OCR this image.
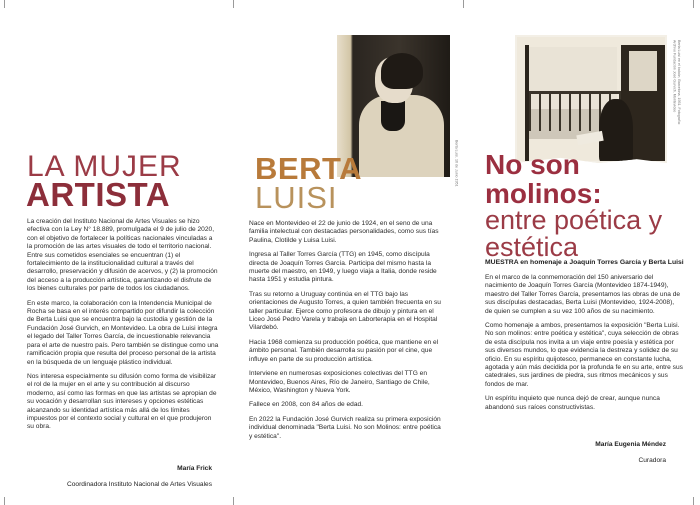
LA MUJER
ARTISTA

La creación del Instituto Nacional de Artes Visuales se hizo efectiva con la Ley N° 18.889, promulgada el 9 de julio de 2020, con el objetivo de fortalecer la políticas nacionales vinculadas a la promoción de las artes visuales de todo el territorio nacional. Entre sus cometidos esenciales se encuentran (1) el fortalecimiento de la institucionalidad cultural a través del desarrollo, preservación y difusión de acervos, y (2) la promoción del acceso a la producción artística, garantizando el disfrute de los bienes culturales por parte de todos los ciudadanos.

En este marco, la colaboración con la Intendencia Municipal de Rocha se basa en el interés compartido por difundir la colección de Berta Luisi que se encuentra bajo la custodia y gestión de la Fundación José Gurvich, en Montevideo. La obra de Luisi integra el legado del Taller Torres García, de incuestionable relevancia para el arte de nuestro país. Pero también se distingue como una ramificación propia que resulta del proceso personal de la artista en la búsqueda de un lenguaje plástico individual.

Nos interesa especialmente su difusión como forma de visibilizar el rol de la mujer en el arte y su contribución al discurso moderno, así como las formas en que las artistas se apropian de su vocación y desarrollan sus intereses y opciones estéticas alcanzando su identidad artística más allá de los límites impuestos por el contexto social y cultural en el que produjeron su obra.

María Frick
Coordinadora Instituto Nacional de Artes Visuales
Berta Luisi, 16 de Junio 1951
BERTA
LUISI

Nace en Montevideo el 22 de junio de 1924, en el seno de una familia intelectual con destacadas personalidades, como sus tías Paulina, Clotilde y Luisa Luisi.

Ingresa al Taller Torres García (TTG) en 1945, como discípula directa de Joaquín Torres García. Participa del mismo hasta la muerte del maestro, en 1949, y luego viaja a Italia, donde reside hasta 1951 y estudia pintura.

Tras su retorno a Uruguay continúa en el TTG bajo las orientaciones de Augusto Torres, a quien también frecuenta en su taller particular. Ejerce como profesora de dibujo y pintura en el Liceo José Pedro Varela y trabaja en Laborterapia en el Hospital Vilardebó.

Hacia 1968 comienza su producción poética, que mantiene en el ámbito personal. También desarrolla su pasión por el cine, que influye en parte de su producción artística.

Interviene en numerosas exposiciones colectivas del TTG en Montevideo, Buenos Aires, Río de Janeiro, Santiago de Chile, México, Washington y Nueva York.

Fallece en 2008, con 84 años de edad.

En 2022 la Fundación José Gurvich realiza su primera exposición individual denominada "Berta Luisi. No son Molinos: entre poética y estética".

Berta Luisi en el balcón, Barcelona, 1951. Fotografía: Archivo Fundación José Gurvich, Montevideo
No son molinos:
entre poética y estética
MUESTRA en homenaje a Joaquín Torres García y Berta Luisi

En el marco de la conmemoración del 150 aniversario del nacimiento de Joaquín Torres García (Montevideo 1874-1949), maestro del Taller Torres García, presentamos las obras de una de sus discípulas destacadas, Berta Luisi (Montevideo, 1924-2008), de quien se cumplen a su vez 100 años de su nacimiento.

Como homenaje a ambos, presentamos la exposición "Berta Luisi. No son molinos: entre poética y estética", cuya selección de obras de esta discípula nos invita a un viaje entre poesía y estética por sus diversos mundos, lo que evidencia la destreza y solidez de su oficio. En su espíritu quijotesco, permanece en constante lucha, agotada y aún más decidida por la profunda fe en su arte, entre sus catedrales, sus jardines de piedra, sus ritmos mecánicos y sus fondos de mar.

Un espíritu inquieto que nunca dejó de crear, aunque nunca abandonó sus raíces constructivistas.

María Eugenia Méndez
Curadora
